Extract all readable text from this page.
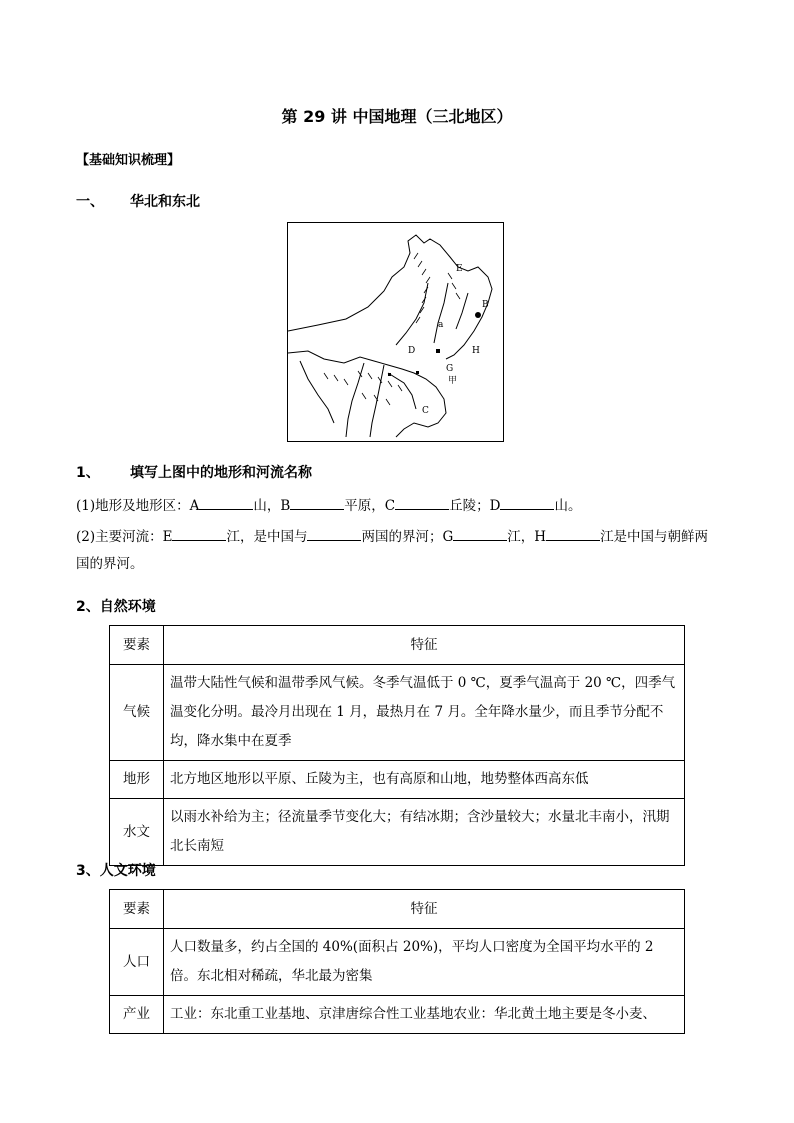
第 29 讲 中国地理（三北地区）
【基础知识梳理】
一、 华北和东北
B
C
H
G
D
E
a
甲
1、 填写上图中的地形和河流名称
(1)地形及地形区：A	山，B	平原，C	丘陵；D	山。
(2)主要河流：E	江，是中国与	两国的界河；G	江，H	江是中国与朝鲜两
国的界河。
2、自然环境
要素	特征
气候	温带大陆性气候和温带季风气候。冬季气温低于 0 ℃，夏季气温高于 20 ℃，四季气温变化分明。最冷月出现在 1 月，最热月在 7 月。全年降水量少，而且季节分配不均，降水集中在夏季
地形	北方地区地形以平原、丘陵为主，也有高原和山地，地势整体西高东低
水文	以雨水补给为主；径流量季节变化大；有结冰期；含沙量较大；水量北丰南小，汛期北长南短
3、人文环境
要素	特征
人口	人口数量多，约占全国的 40%(面积占 20%)，平均人口密度为全国平均水平的 2 倍。东北相对稀疏，华北最为密集
产业	工业：东北重工业基地、京津唐综合性工业基地农业：华北黄土地主要是冬小麦、
